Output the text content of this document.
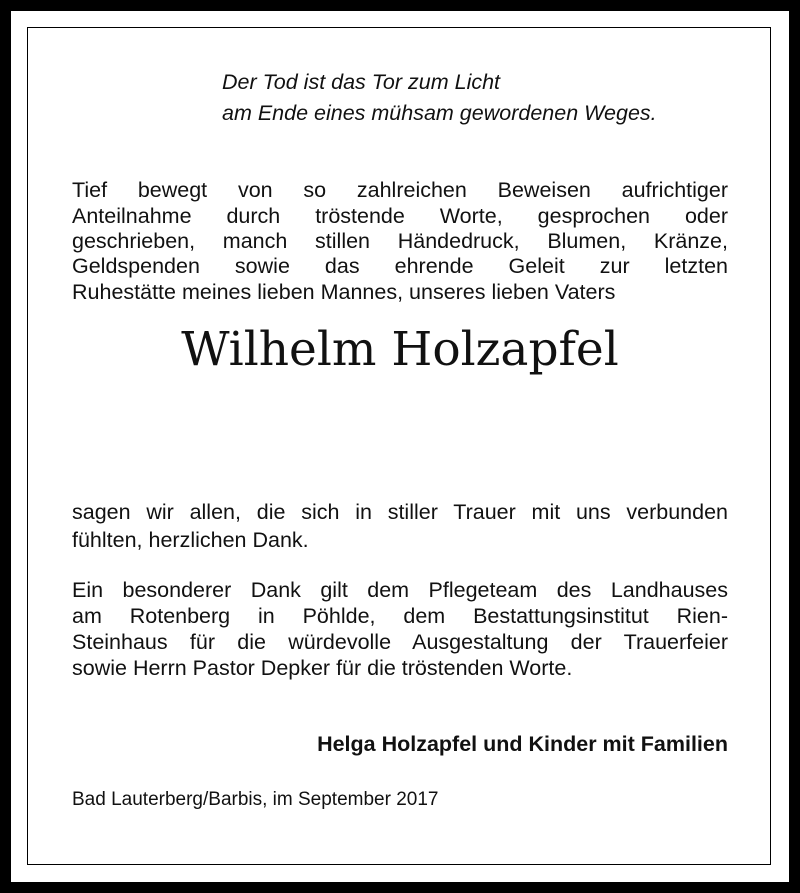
Der Tod ist das Tor zum Licht
am Ende eines mühsam gewordenen Weges.
Tief bewegt von so zahlreichen Beweisen aufrichtiger
Anteilnahme durch tröstende Worte, gesprochen oder
geschrieben, manch stillen Händedruck, Blumen, Kränze,
Geldspenden sowie das ehrende Geleit zur letzten
Ruhestätte meines lieben Mannes, unseres lieben Vaters
Wilhelm Holzapfel
sagen wir allen, die sich in stiller Trauer mit uns verbunden
fühlten, herzlichen Dank.
Ein besonderer Dank gilt dem Pflegeteam des Landhauses
am Rotenberg in Pöhlde, dem Bestattungsinstitut Rien-
Steinhaus für die würdevolle Ausgestaltung der Trauerfeier
sowie Herrn Pastor Depker für die tröstenden Worte.
Helga Holzapfel und Kinder mit Familien
Bad Lauterberg/Barbis, im September 2017
